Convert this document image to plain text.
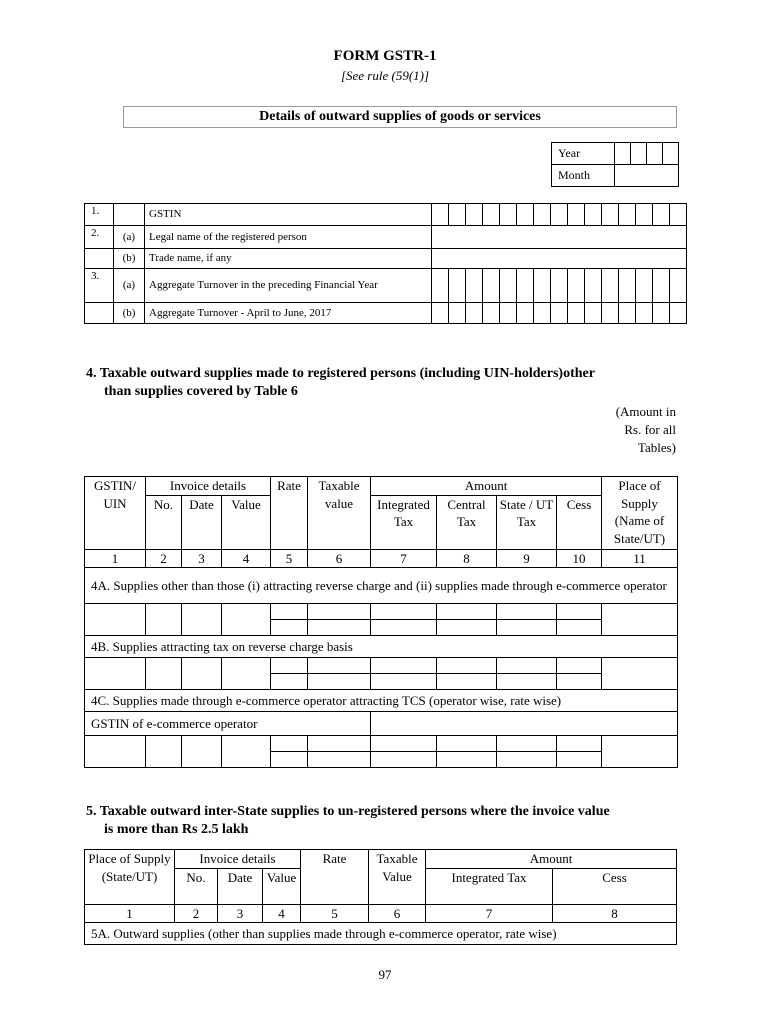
FORM GSTR-1
[See rule (59(1)]
Details of outward supplies of goods or services
Year				
Month				
1.		GSTIN															
2.	(a)	Legal name of the registered person															
	(b)	Trade name, if any															
3.	(a)	Aggregate Turnover in the preceding Financial Year															
	(b)	Aggregate Turnover - April to June, 2017															
4. Taxable outward supplies made to registered persons (including UIN-holders)other
than supplies covered by Table 6
(Amount in Rs. for all Tables)
GSTIN/ UIN	Invoice details			Rate	Taxable value	Amount				Place of Supply (Name of State/UT)
	No.	Date	Value			Integrated Tax	Central Tax	State / UT Tax	Cess	

1	2	3	4	5	6	7	8	9	10	11
4A. Supplies other than those (i) attracting reverse charge and (ii) supplies made through e-commerce operator										

4B. Supplies attracting tax on reverse charge basis										

4C. Supplies made through e-commerce operator attracting TCS (operator wise, rate wise)										
GSTIN of e-commerce operator										

5. Taxable outward inter-State supplies to un-registered persons where the invoice value
is more than Rs 2.5 lakh
Place of Supply (State/UT)	Invoice details			Rate	Taxable Value	Amount	
	No.	Date	Value			Integrated Tax	Cess

1	2	3	4	5	6	7	8
5A. Outward supplies (other than supplies made through e-commerce operator, rate wise)							
97
